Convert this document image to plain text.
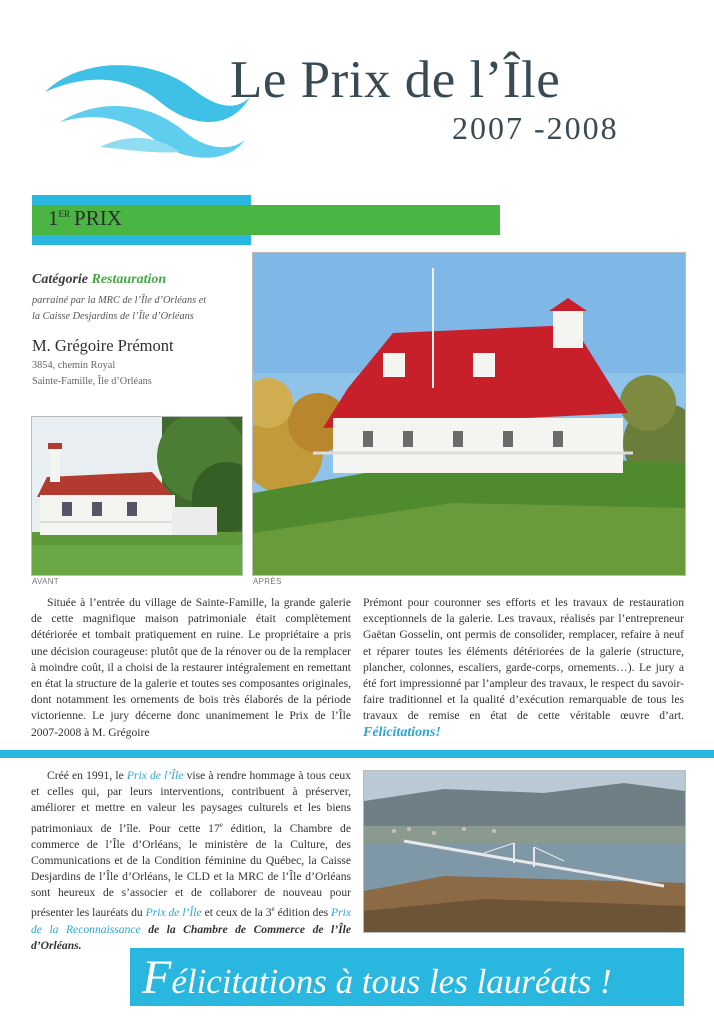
Le Prix de l’Île
2007 -2008
1ER PRIX
Catégorie Restauration
parrainé par la MRC de l’Île d’Orléans et
la Caisse Desjardins de l’Île d’Orléans
M. Grégoire Prémont
3854, chemin Royal
Sainte-Famille, Île d’Orléans
AVANT	APRÈS

Située à l’entrée du village de Sainte-Famille, la grande galerie de cette magnifique maison patrimoniale était complètement détériorée et tombait pratiquement en ruine. Le propriétaire a pris une décision courageuse: plutôt que de la rénover ou de la remplacer à moindre coût, il a choisi de la restaurer intégralement en remettant en état la structure de la galerie et toutes ses composantes originales, dont notamment les ornements de bois très élaborés de la période victorienne. Le jury décerne donc unanimement le Prix de l’Île 2007-2008 à M. Grégoire

Prémont pour couronner ses efforts et les travaux de restauration exceptionnels de la galerie. Les travaux, réalisés par l’entrepreneur Gaëtan Gosselin, ont permis de consolider, remplacer, refaire à neuf et réparer toutes les éléments détériorées de la galerie (structure, plancher, colonnes, escaliers, garde-corps, ornements…). Le jury a été fort impressionné par l’ampleur des travaux, le respect du savoir-faire traditionnel et la qualité d’exécution remarquable de tous les travaux de remise en état de cette véritable œuvre d’art. Félicitations!

Créé en 1991, le Prix de l’Île vise à rendre hommage à tous ceux et celles qui, par leurs interventions, contribuent à préserver, améliorer et mettre en valeur les paysages culturels et les biens patrimoniaux de l’île. Pour cette 17e édition, la Chambre de commerce de l’Île d’Orléans, le ministère de la Culture, des Communications et de la Condition féminine du Québec, la Caisse Desjardins de l’Île d’Orléans, le CLD et la MRC de l’Île d’Orléans sont heureux de s’associer et de collaborer de nouveau pour présenter les lauréats du Prix de l’Île et ceux de la 3e édition des Prix de la Reconnaissance de la Chambre de Commerce de l’Île d’Orléans.

Félicitations à tous les lauréats !
